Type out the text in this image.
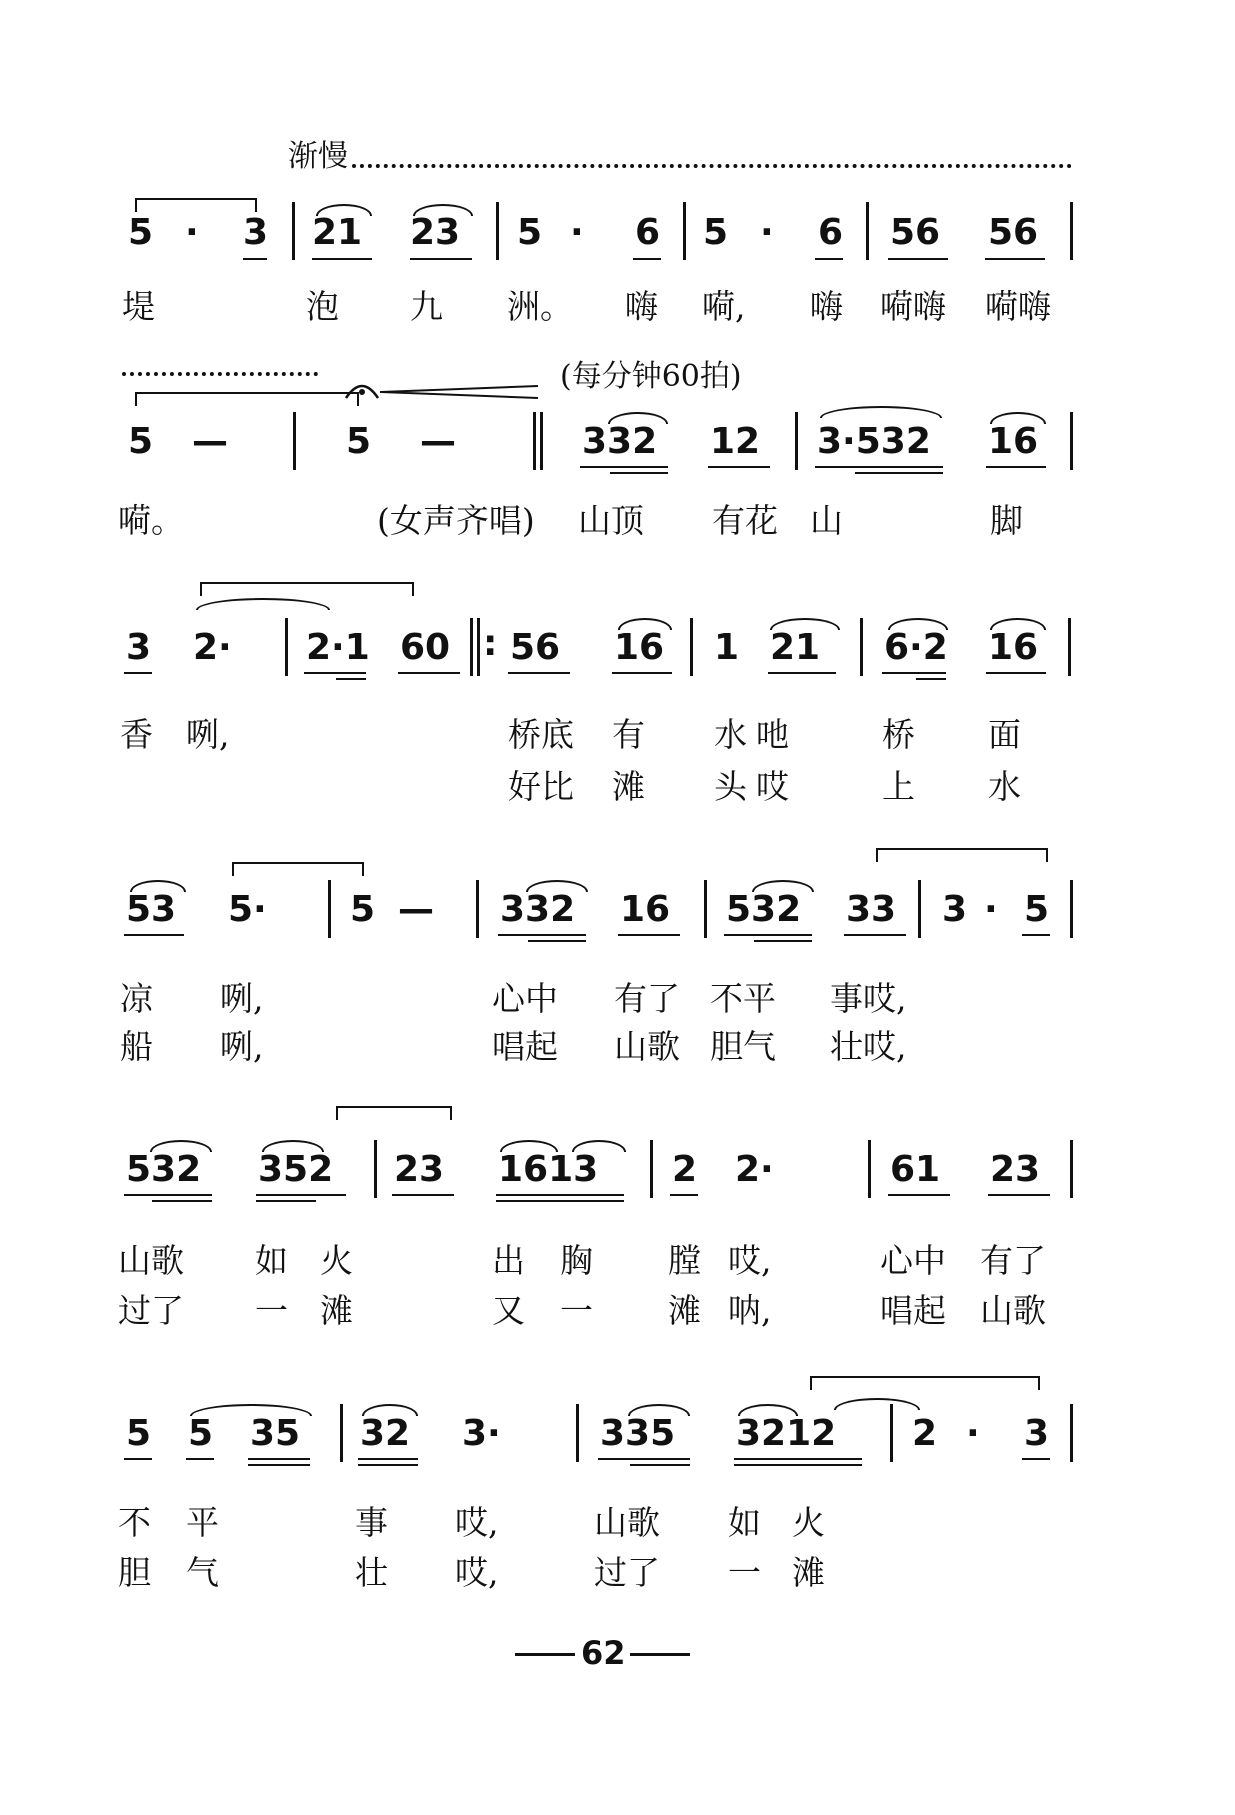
渐慢
5 · 3 21 23 5 · 6 5 · 6 56 56
堤	泡 九 洲。 嗨 嗬, 嗨 嗬嗨 嗬嗨
(每分钟60拍)
5 —	5 —	332 12 3·532 16
嗬。	(女声齐唱) 山顶 有花 山	脚
3 2· 2·1 60 : 56 16 1 21 6·2 16
香 咧,	桥底 有 水 吔	桥 面
好比 滩 头 哎	上 水
53 5· 5 — 332 16 532 33 3 · 5
凉 咧,	心中 有了 不平 事哎,
船 咧,	唱起 山歌 胆气 壮哎,
532 352 23 1613 2 2·	61 23
山歌 如 火	出 胸 膛 哎,	心中 有了
过了 一 滩	又 一 滩 呐,	唱起 山歌
5 5 35 32 3·	335 3212 2 · 3
不 平	事 哎,	山歌 如 火
胆 气	壮 哎,	过了 一 滩
62
